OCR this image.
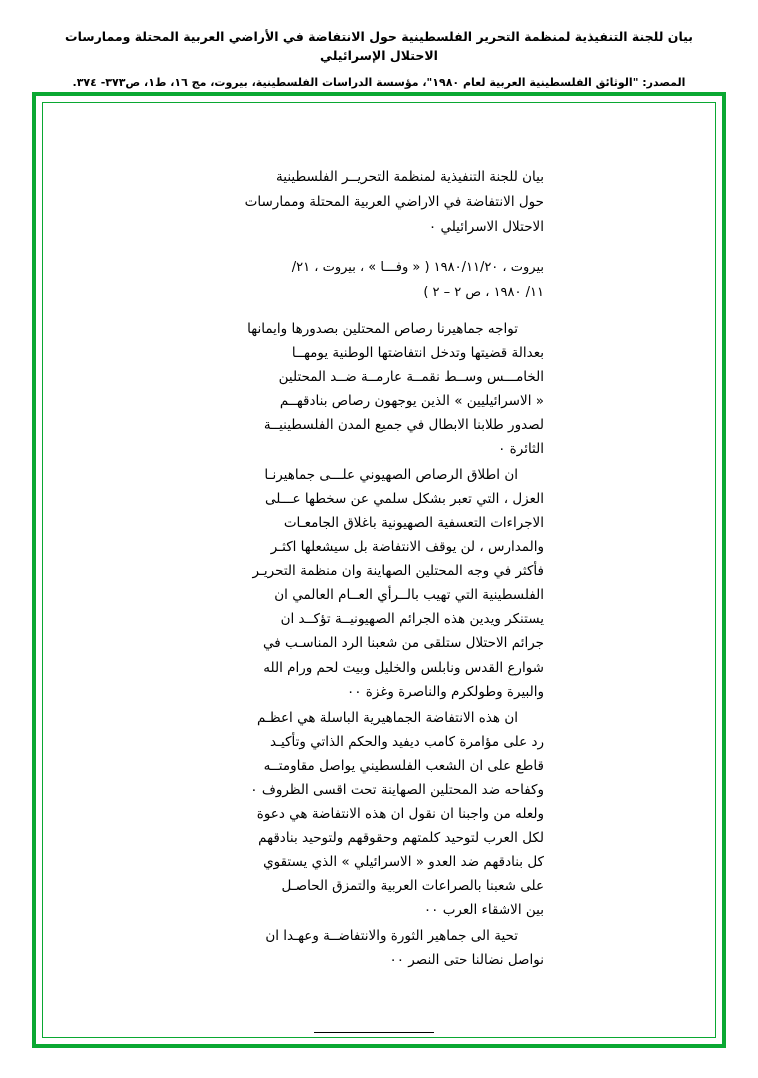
بيان للجنة التنفيذية لمنظمة التحرير الفلسطينية حول الانتفاضة في الأراضي العربية المحتلة وممارسات الاحتلال الإسرائيلي
المصدر: "الوثائق الفلسطينية العربية لعام ١٩٨٠"، مؤسسة الدراسات الفلسطينية، بيروت، مج ١٦، ط١، ص٣٧٣- ٣٧٤.
بيان للجنة التنفيذية لمنظمة التحريــر الفلسطينية
حول الانتفاضة في الاراضي العربية المحتلة وممارسات
الاحتلال الاسرائيلي ٠
بيروت ، ١٩٨٠/١١/٢٠ ( « وفـــا » ، بيروت ، ٢١/
١١/ ١٩٨٠ ، ص ٢ – ٢ )

تواجه جماهيرنا رصاص المحتلين بصدورها وايمانها
بعدالة قضيتها وتدخل انتفاضتها الوطنية يومهــا
الخامـــس وســط نقمــة عارمــة ضــد المحتلين
« الاسرائيليين » الذين يوجهون رصاص بنادقهــم
لصدور طلابنا الابطال في جميع المدن الفلسطينيــة
الثائرة ٠

ان اطلاق الرصاص الصهيوني علـــى جماهيرنـا
العزل ، التي تعبر بشكل سلمي عن سخطها عـــلى
الاجراءات التعسفية الصهيونية باغلاق الجامعـات
والمدارس ، لن يوقف الانتفاضة بل سيشعلها اكثـر
فأكثر في وجه المحتلين الصهاينة وان منظمة التحريـر
الفلسطينية التي تهيب بالــرأي العــام العالمي ان
يستنكر ويدين هذه الجرائم الصهيونيــة تؤكــد ان
جرائم الاحتلال ستلقى من شعبنا الرد المناسـب في
شوارع القدس ونابلس والخليل وبيت لحم ورام الله
والبيرة وطولكرم والناصرة وغزة ٠٠

ان هذه الانتفاضة الجماهيرية الباسلة هي اعظـم
رد على مؤامرة كامب ديفيد والحكم الذاتي وتأكيـد
قاطع على ان الشعب الفلسطيني يواصل مقاومتــه
وكفاحه ضد المحتلين الصهاينة تحت اقسى الظروف ٠
ولعله من واجبنا ان نقول ان هذه الانتفاضة هي دعوة
لكل العرب لتوحيد كلمتهم وحقوقهم ولتوحيد بنادقهم
كل بنادقهم ضد العدو « الاسرائيلي » الذي يستقوي
على شعبنا بالصراعات العربية والتمزق الحاصـل
بين الاشقاء العرب ٠٠

تحية الى جماهير الثورة والانتفاضــة وعهـدا ان
نواصل نضالنا حتى النصر ٠٠
